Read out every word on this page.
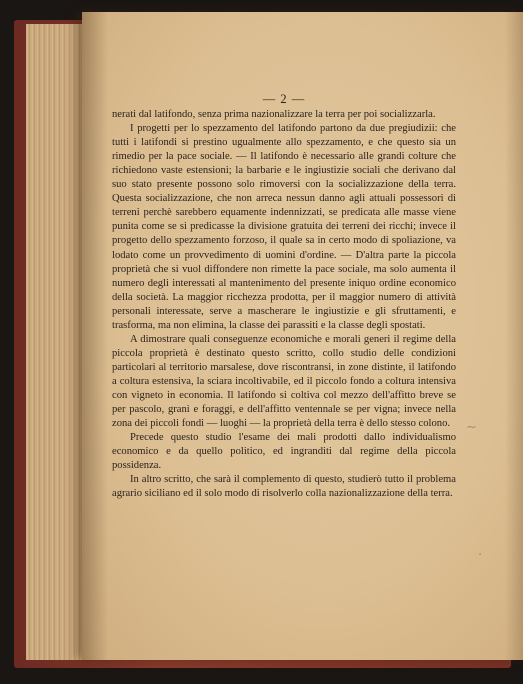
— 2 —

nerati dal latifondo, senza prima nazionalizzare la terra per poi socializzarla.

I progetti per lo spezzamento del latifondo partono da due pregiudizii: che tutti i latifondi si prestino ugualmente allo spezzamento, e che questo sia un rimedio per la pace sociale. — Il latifondo è necessario alle grandi colture che richiedono vaste estensioni; la barbarie e le ingiustizie sociali che derivano dal suo stato presente possono solo rimoversi con la socializzazione della terra. Questa socializzazione, che non arreca nessun danno agli attuali possessori di terreni perchè sarebbero equamente indennizzati, se predicata alle masse viene punita come se si predicasse la divisione gratuita dei terreni dei ricchi; invece il progetto dello spezzamento forzoso, il quale sa in certo modo di spoliazione, va lodato come un provvedimento di uomini d'ordine. — D'altra parte la piccola proprietà che si vuol diffondere non rimette la pace sociale, ma solo aumenta il numero degli interessati al mantenimento del presente iniquo ordine economico della società. La maggior ricchezza prodotta, per il maggior numero di attività personali interessate, serve a mascherare le ingiustizie e gli sfruttamenti, e trasforma, ma non elimina, la classe dei parassiti e la classe degli spostati.

A dimostrare quali conseguenze economiche e morali generi il regime della piccola proprietà è destinato questo scritto, collo studio delle condizioni particolari al territorio marsalese, dove riscontransi, in zone distinte, il latifondo a coltura estensiva, la sciara incoltivabile, ed il piccolo fondo a coltura intensiva con vigneto in economia. Il latifondo si coltiva col mezzo dell'affitto breve se per pascolo, grani e foraggi, e dell'affitto ventennale se per vigna; invece nella zona dei piccoli fondi — luoghi — la proprietà della terra è dello stesso colono.

Precede questo studio l'esame dei mali prodotti dallo individualismo economico e da quello politico, ed ingranditi dal regime della piccola possidenza.

In altro scritto, che sarà il complemento di questo, studierò tutto il problema agrario siciliano ed il solo modo di risolverlo colla nazionalizzazione della terra.

~
·
